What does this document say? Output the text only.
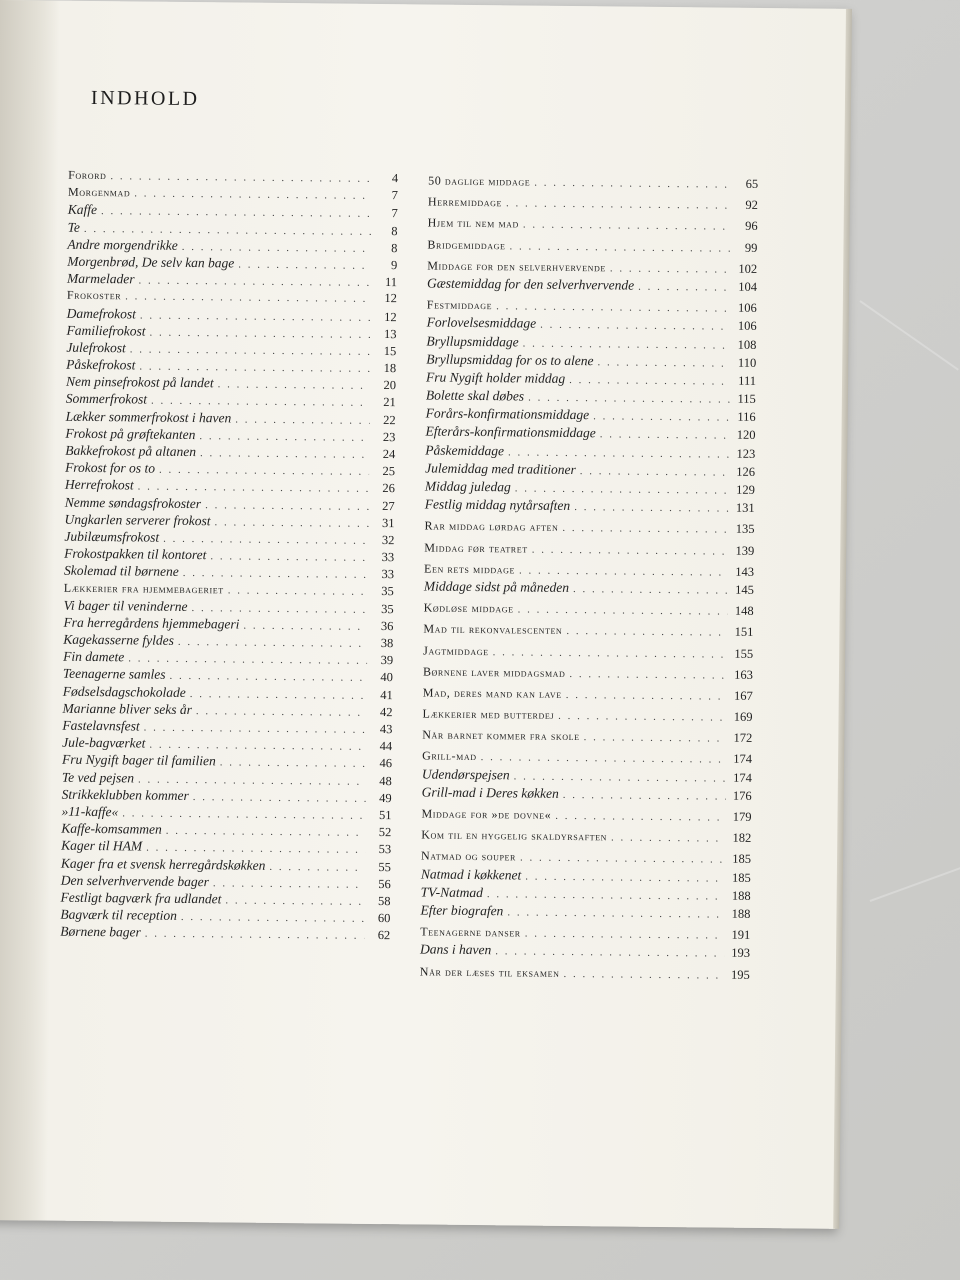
INDHOLD
Forord . . .	4
Morgenmad . . .	7
Kaffe . . .	7
Te . . .	8
Andre morgendrikke . . .	8
Morgenbrød, De selv kan bage . . .	9
Marmelader . . .	11
Frokoster . . .	12
Damefrokost . . .	12
Familiefrokost . . .	13
Julefrokost . . .	15
Påskefrokost . . .	18
Nem pinsefrokost på landet . . .	20
Sommerfrokost . . .	21
Lækker sommerfrokost i haven . . .	22
Frokost på grøftekanten . . .	23
Bakkefrokost på altanen . . .	24
Frokost for os to . . .	25
Herrefrokost . . .	26
Nemme søndagsfrokoster . . .	27
Ungkarlen serverer frokost . . .	31
Jubilæumsfrokost . . .	32
Frokostpakken til kontoret . . .	33
Skolemad til børnene . . .	33
Lækkerier fra hjemmebageriet . . .	35
Vi bager til veninderne . . .	35
Fra herregårdens hjemmebageri . . .	36
Kagekasserne fyldes . . .	38
Fin damete . . .	39
Teenagerne samles . . .	40
Fødselsdagschokolade . . .	41
Marianne bliver seks år . . .	42
Fastelavnsfest . . .	43
Jule-bagværket . . .	44
Fru Nygift bager til familien . . .	46
Te ved pejsen . . .	48
Strikkeklubben kommer . . .	49
»11-kaffe« . . .	51
Kaffe-komsammen . . .	52
Kager til HAM . . .	53
Kager fra et svensk herregårdskøkken . . .	55
Den selverhvervende bager . . .	56
Festligt bagværk fra udlandet . . .	58
Bagværk til reception . . .	60
Børnene bager . . .	62
50 daglige middage . . .	65
Herremiddage . . .	92
Hjem til nem mad . . .	96
Bridgemiddage . . .	99
Middage for den selverhvervende . . .	102
Gæstemiddag for den selverhvervende . . .	104
Festmiddage . . .	106
Forlovelsesmiddage . . .	106
Bryllupsmiddage . . .	108
Bryllupsmiddag for os to alene . . .	110
Fru Nygift holder middag . . .	111
Bolette skal døbes . . .	115
Forårs-konfirmationsmiddage . . .	116
Efterårs-konfirmationsmiddage . . .	120
Påskemiddage . . .	123
Julemiddag med traditioner . . .	126
Middag juledag . . .	129
Festlig middag nytårsaften . . .	131
Rar middag lørdag aften . . .	135
Middag før teatret . . .	139
Een rets middage . . .	143
Middage sidst på måneden . . .	145
Kødløse middage . . .	148
Mad til rekonvalescenten . . .	151
Jagtmiddage . . .	155
Børnene laver middagsmad . . .	163
Mad, deres mand kan lave . . .	167
Lækkerier med butterdej . . .	169
Når barnet kommer fra skole . . .	172
Grill-mad . . .	174
Udendørspejsen . . .	174
Grill-mad i Deres køkken . . .	176
Middage for »de dovne« . . .	179
Kom til en hyggelig skaldyrsaften . . .	182
Natmad og souper . . .	185
Natmad i køkkenet . . .	185
TV-Natmad . . .	188
Efter biografen . . .	188
Teenagerne danser . . .	191
Dans i haven . . .	193
Når der læses til eksamen . . .	195
